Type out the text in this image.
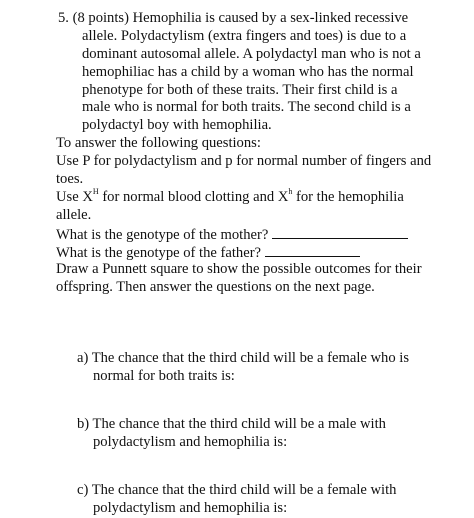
5. (8 points) Hemophilia is caused by a sex-linked recessive
allele. Polydactylism (extra fingers and toes) is due to a
dominant autosomal allele. A polydactyl man who is not a
hemophiliac has a child by a woman who has the normal
phenotype for both of these traits. Their first child is a
male who is normal for both traits. The second child is a
polydactyl boy with hemophilia.
To answer the following questions:
Use P for polydactylism and p for normal number of fingers and
toes.
Use $X^H$ for normal blood clotting and $X^h$ for the hemophilia
allele.
What is the genotype of the mother?
What is the genotype of the father?
Draw a Punnett square to show the possible outcomes for their
offspring. Then answer the questions on the next page.
a) The chance that the third child will be a female who is
normal for both traits is:
b) The chance that the third child will be a male with
polydactylism and hemophilia is:
c) The chance that the third child will be a female with
polydactylism and hemophilia is:
